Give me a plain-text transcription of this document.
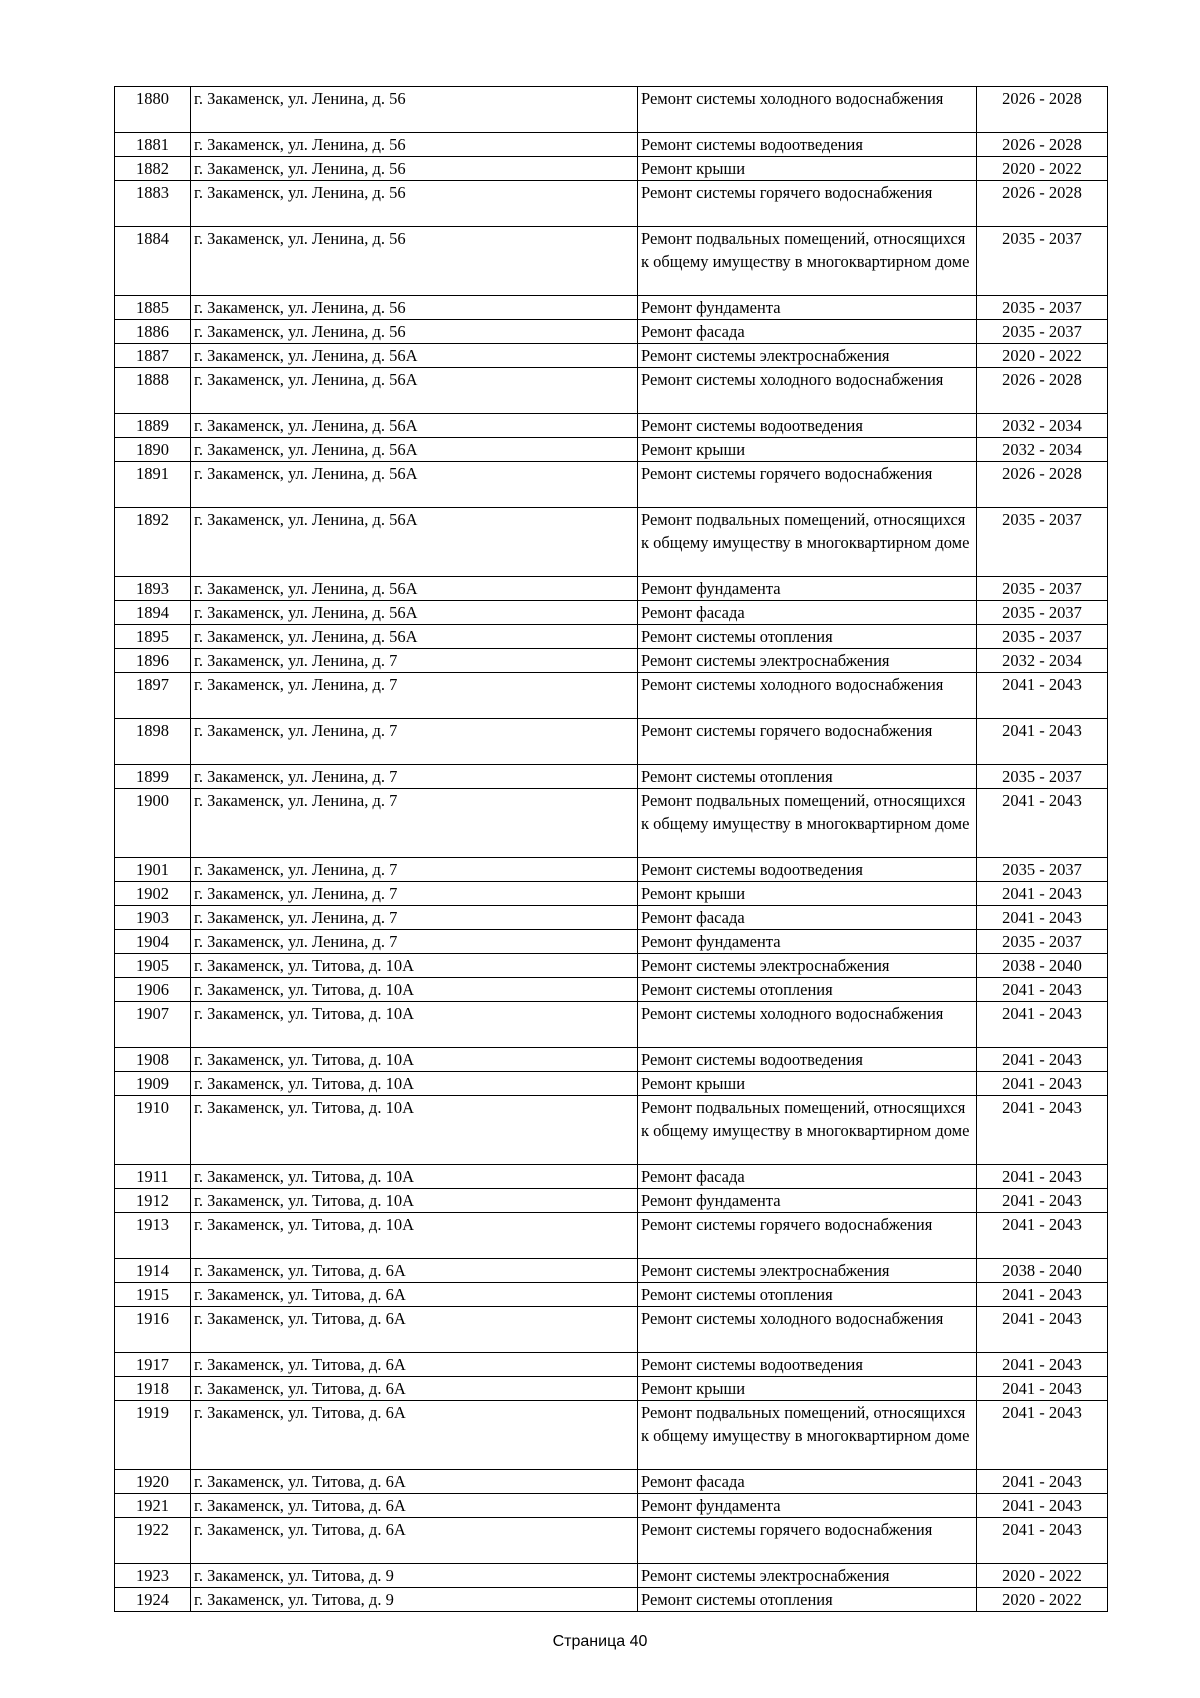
1880	г. Закаменск, ул. Ленина, д. 56	Ремонт системы холодного водоснабжения	2026 - 2028
1881	г. Закаменск, ул. Ленина, д. 56	Ремонт системы водоотведения	2026 - 2028
1882	г. Закаменск, ул. Ленина, д. 56	Ремонт крыши	2020 - 2022
1883	г. Закаменск, ул. Ленина, д. 56	Ремонт системы горячего водоснабжения	2026 - 2028
1884	г. Закаменск, ул. Ленина, д. 56	Ремонт подвальных помещений, относящихся к общему имуществу в многоквартирном доме	2035 - 2037
1885	г. Закаменск, ул. Ленина, д. 56	Ремонт фундамента	2035 - 2037
1886	г. Закаменск, ул. Ленина, д. 56	Ремонт фасада	2035 - 2037
1887	г. Закаменск, ул. Ленина, д. 56А	Ремонт системы электроснабжения	2020 - 2022
1888	г. Закаменск, ул. Ленина, д. 56А	Ремонт системы холодного водоснабжения	2026 - 2028
1889	г. Закаменск, ул. Ленина, д. 56А	Ремонт системы водоотведения	2032 - 2034
1890	г. Закаменск, ул. Ленина, д. 56А	Ремонт крыши	2032 - 2034
1891	г. Закаменск, ул. Ленина, д. 56А	Ремонт системы горячего водоснабжения	2026 - 2028
1892	г. Закаменск, ул. Ленина, д. 56А	Ремонт подвальных помещений, относящихся к общему имуществу в многоквартирном доме	2035 - 2037
1893	г. Закаменск, ул. Ленина, д. 56А	Ремонт фундамента	2035 - 2037
1894	г. Закаменск, ул. Ленина, д. 56А	Ремонт фасада	2035 - 2037
1895	г. Закаменск, ул. Ленина, д. 56А	Ремонт системы отопления	2035 - 2037
1896	г. Закаменск, ул. Ленина, д. 7	Ремонт системы электроснабжения	2032 - 2034
1897	г. Закаменск, ул. Ленина, д. 7	Ремонт системы холодного водоснабжения	2041 - 2043
1898	г. Закаменск, ул. Ленина, д. 7	Ремонт системы горячего водоснабжения	2041 - 2043
1899	г. Закаменск, ул. Ленина, д. 7	Ремонт системы отопления	2035 - 2037
1900	г. Закаменск, ул. Ленина, д. 7	Ремонт подвальных помещений, относящихся к общему имуществу в многоквартирном доме	2041 - 2043
1901	г. Закаменск, ул. Ленина, д. 7	Ремонт системы водоотведения	2035 - 2037
1902	г. Закаменск, ул. Ленина, д. 7	Ремонт крыши	2041 - 2043
1903	г. Закаменск, ул. Ленина, д. 7	Ремонт фасада	2041 - 2043
1904	г. Закаменск, ул. Ленина, д. 7	Ремонт фундамента	2035 - 2037
1905	г. Закаменск, ул. Титова, д. 10А	Ремонт системы электроснабжения	2038 - 2040
1906	г. Закаменск, ул. Титова, д. 10А	Ремонт системы отопления	2041 - 2043
1907	г. Закаменск, ул. Титова, д. 10А	Ремонт системы холодного водоснабжения	2041 - 2043
1908	г. Закаменск, ул. Титова, д. 10А	Ремонт системы водоотведения	2041 - 2043
1909	г. Закаменск, ул. Титова, д. 10А	Ремонт крыши	2041 - 2043
1910	г. Закаменск, ул. Титова, д. 10А	Ремонт подвальных помещений, относящихся к общему имуществу в многоквартирном доме	2041 - 2043
1911	г. Закаменск, ул. Титова, д. 10А	Ремонт фасада	2041 - 2043
1912	г. Закаменск, ул. Титова, д. 10А	Ремонт фундамента	2041 - 2043
1913	г. Закаменск, ул. Титова, д. 10А	Ремонт системы горячего водоснабжения	2041 - 2043
1914	г. Закаменск, ул. Титова, д. 6А	Ремонт системы электроснабжения	2038 - 2040
1915	г. Закаменск, ул. Титова, д. 6А	Ремонт системы отопления	2041 - 2043
1916	г. Закаменск, ул. Титова, д. 6А	Ремонт системы холодного водоснабжения	2041 - 2043
1917	г. Закаменск, ул. Титова, д. 6А	Ремонт системы водоотведения	2041 - 2043
1918	г. Закаменск, ул. Титова, д. 6А	Ремонт крыши	2041 - 2043
1919	г. Закаменск, ул. Титова, д. 6А	Ремонт подвальных помещений, относящихся к общему имуществу в многоквартирном доме	2041 - 2043
1920	г. Закаменск, ул. Титова, д. 6А	Ремонт фасада	2041 - 2043
1921	г. Закаменск, ул. Титова, д. 6А	Ремонт фундамента	2041 - 2043
1922	г. Закаменск, ул. Титова, д. 6А	Ремонт системы горячего водоснабжения	2041 - 2043
1923	г. Закаменск, ул. Титова, д. 9	Ремонт системы электроснабжения	2020 - 2022
1924	г. Закаменск, ул. Титова, д. 9	Ремонт системы отопления	2020 - 2022
Страница 40
